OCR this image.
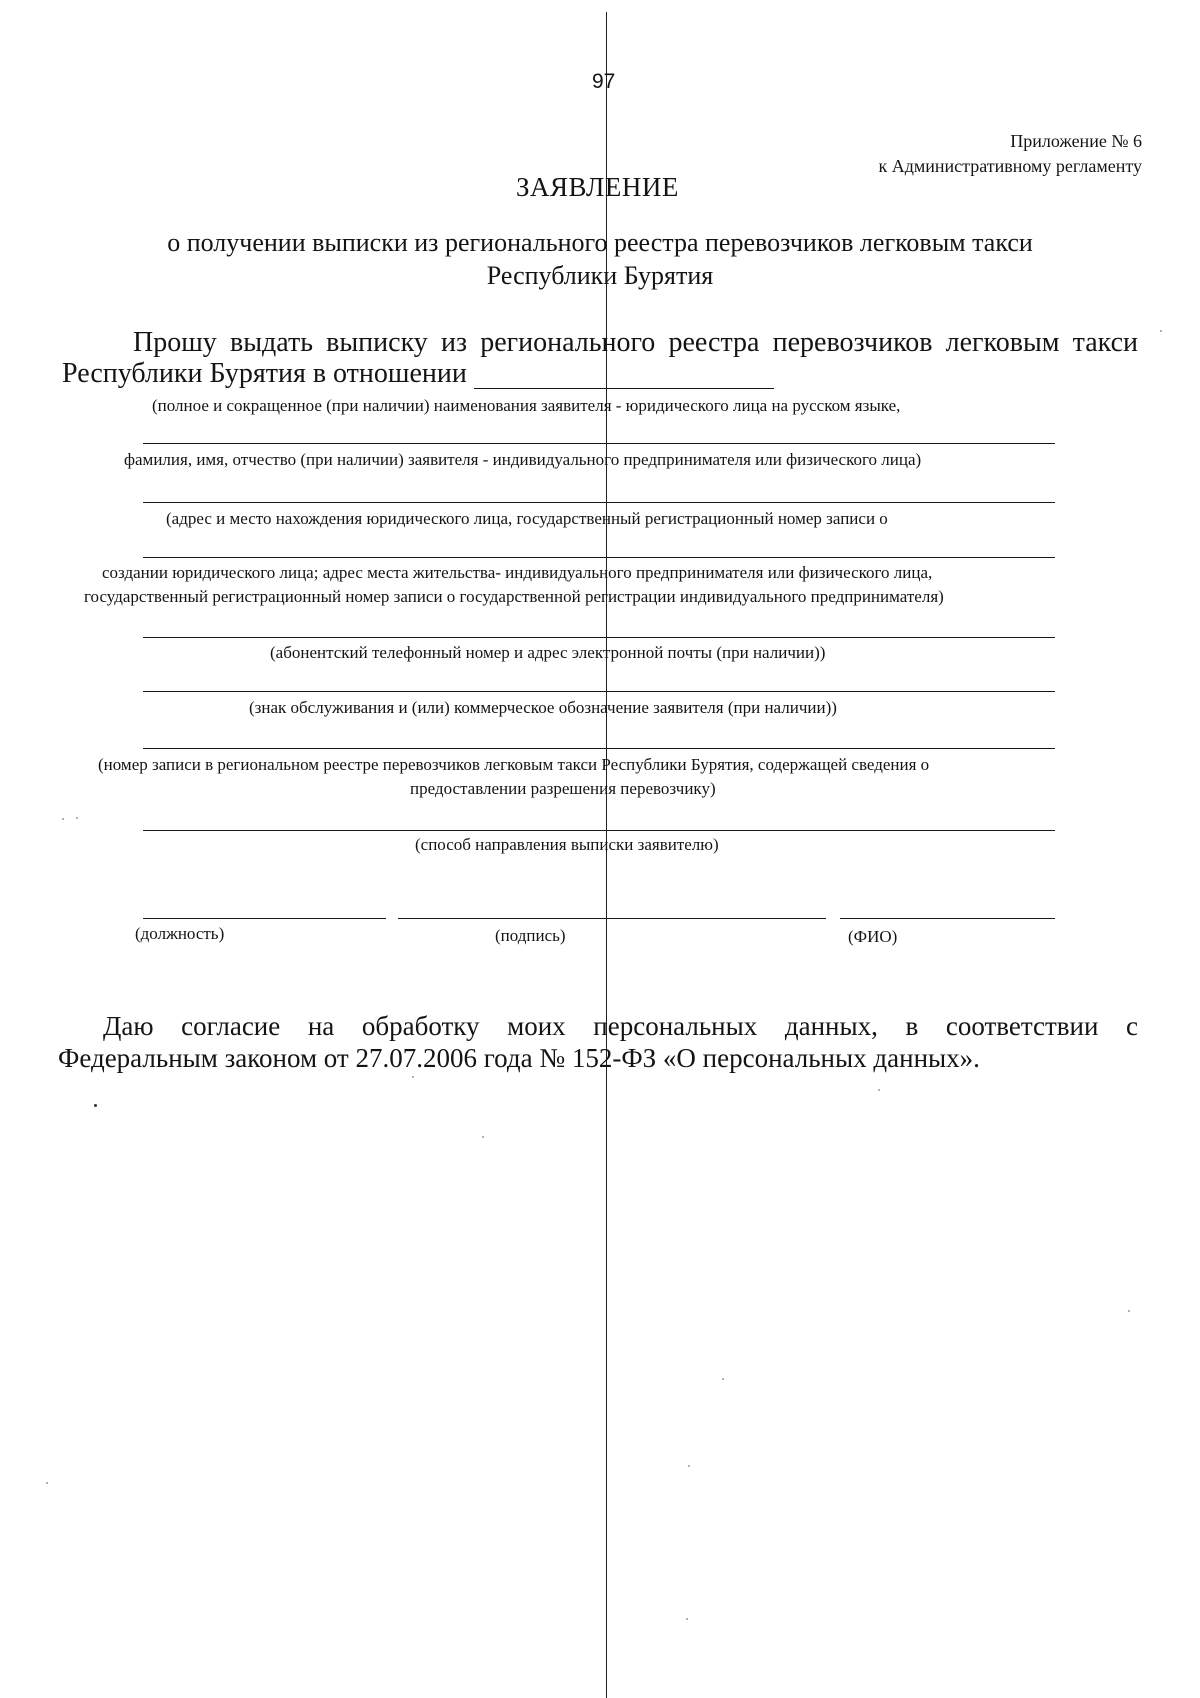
97
Приложение № 6
к Административному регламенту
ЗАЯВЛЕНИЕ
о получении выписки из регионального реестра перевозчиков легковым такси
Республики Бурятия
Прошу выдать выписку из регионального реестра перевозчиков легковым такси
Республики Бурятия в отношении
(полное и сокращенное (при наличии) наименования заявителя - юридического лица на русском языке,
фамилия, имя, отчество (при наличии) заявителя - индивидуального предпринимателя или физического лица)
(адрес и место нахождения юридического лица, государственный регистрационный номер записи о
создании юридического лица; адрес места жительства- индивидуального предпринимателя или физического лица,
государственный регистрационный номер записи о государственной регистрации индивидуального предпринимателя)
(абонентский телефонный номер и адрес электронной почты (при наличии))
(знак обслуживания и (или) коммерческое обозначение заявителя (при наличии))
(номер записи в региональном реестре перевозчиков легковым такси Республики Бурятия, содержащей сведения о
предоставлении разрешения перевозчику)
(способ направления выписки заявителю)
(должность)	(подпись)	(ФИО)
Даю согласие на обработку моих персональных данных, в соответствии с
Федеральным законом от 27.07.2006 года № 152-ФЗ «О персональных данных».
